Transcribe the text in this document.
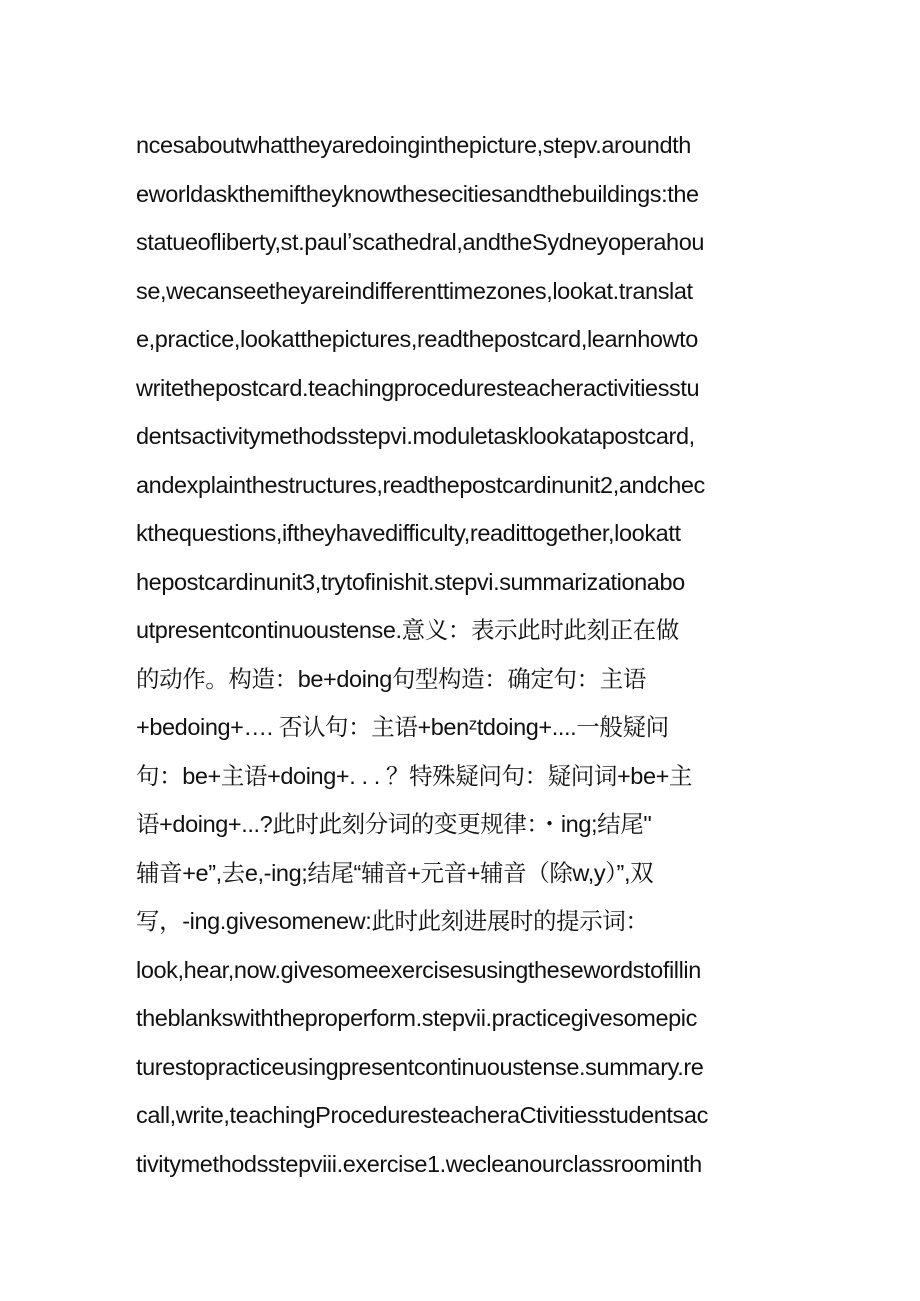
ncesaboutwhattheyaredoinginthepicture,stepv.aroundth
eworldaskthemiftheyknowthesecitiesandthebuildings:the
statueofliberty,st.paulʼscathedral,andtheSydneyoperahou
se,wecanseetheyareindifferenttimezones,lookat.translat
e,practice,lookatthepictures,readthepostcard,learnhowto
writethepostcard.teachingproceduresteacheractivitiesstu
dentsactivitymethodsstepvi.moduletasklookatapostcard,
andexplainthestructures,readthepostcardinunit2,andchec
kthequestions,iftheyhavedifficulty,readittogether,lookatt
hepostcardinunit3,trytofinishit.stepvi.summarizationabo
utpresentcontinuoustense.意义：表示此时此刻正在做
的动作。构造：be+doing句型构造：确定句：主语
+bedoing+…. 否认句：主语+benᶻtdoing+....一般疑问
句：be+主语+doing+. . . ？特殊疑问句：疑问词+be+主
语+doing+...?此时此刻分词的变更规律：・ing;结尾ʺ
辅音+e”,去e,-ing;结尾“辅音+元音+辅音（除w,y）”,双
写，-ing.givesomenew:此时此刻进展时的提示词：
look,hear,now.givesomeexercisesusingthesewordstofillin
theblankswiththeproperform.stepvii.practicegivesomepic
turestopracticeusingpresentcontinuoustense.summary.re
call,write,teachingProceduresteacheraCtivitiesstudentsac
tivitymethodsstepviii.exercise1.wecleanourclassroominth
